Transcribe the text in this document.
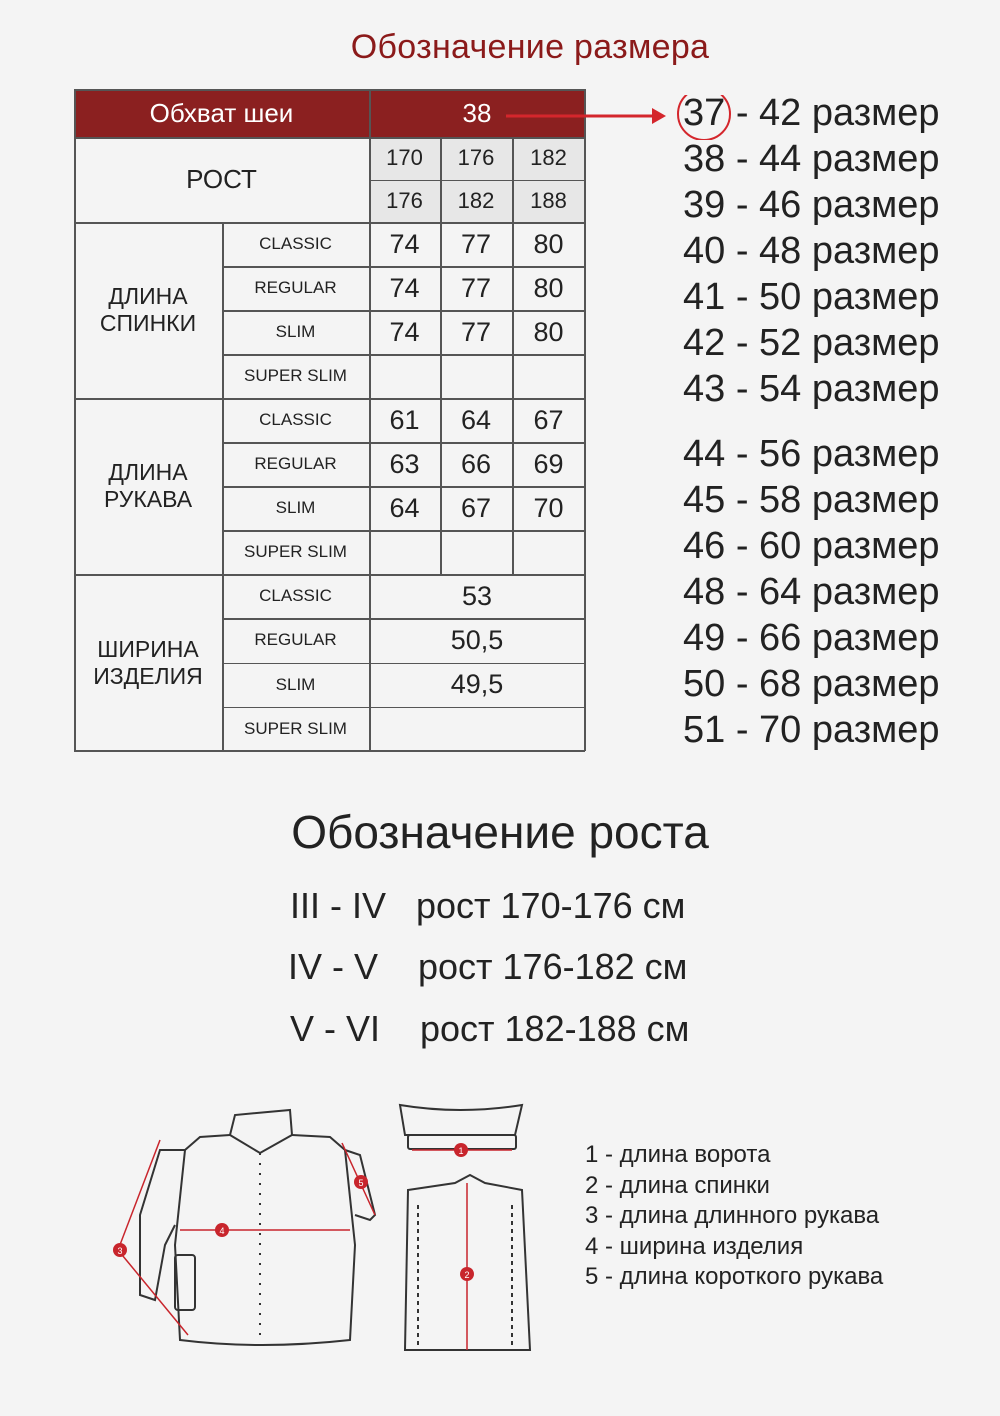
Обозначение размера
Обхват шеи	38
РОСТ
170	176	182
176	182	188
ДЛИНА
СПИНКИ
CLASSIC	74	77	80
REGULAR	74	77	80
SLIM	74	77	80
SUPER SLIM
ДЛИНА
РУКАВА
CLASSIC	61	64	67
REGULAR	63	66	69
SLIM	64	67	70
SUPER SLIM
ШИРИНА
ИЗДЕЛИЯ
CLASSIC	53
REGULAR	50,5
SLIM	49,5
SUPER SLIM
37 - 42 размер
38 - 44 размер
39 - 46 размер
40 - 48 размер
41 - 50 размер
42 - 52 размер
43 - 54 размер
44 - 56 размер
45 - 58 размер
46 - 60 размер
48 - 64 размер
49 - 66 размер
50 - 68 размер
51 - 70 размер
Обозначение роста
III - IV рост 170-176 см
IV - V рост 176-182 см
V - VI рост 182-188 см
3
4
5
1
2
1 - длина ворота
2 - длина спинки
3 - длина длинного рукава
4 - ширина изделия
5 - длина короткого рукава
